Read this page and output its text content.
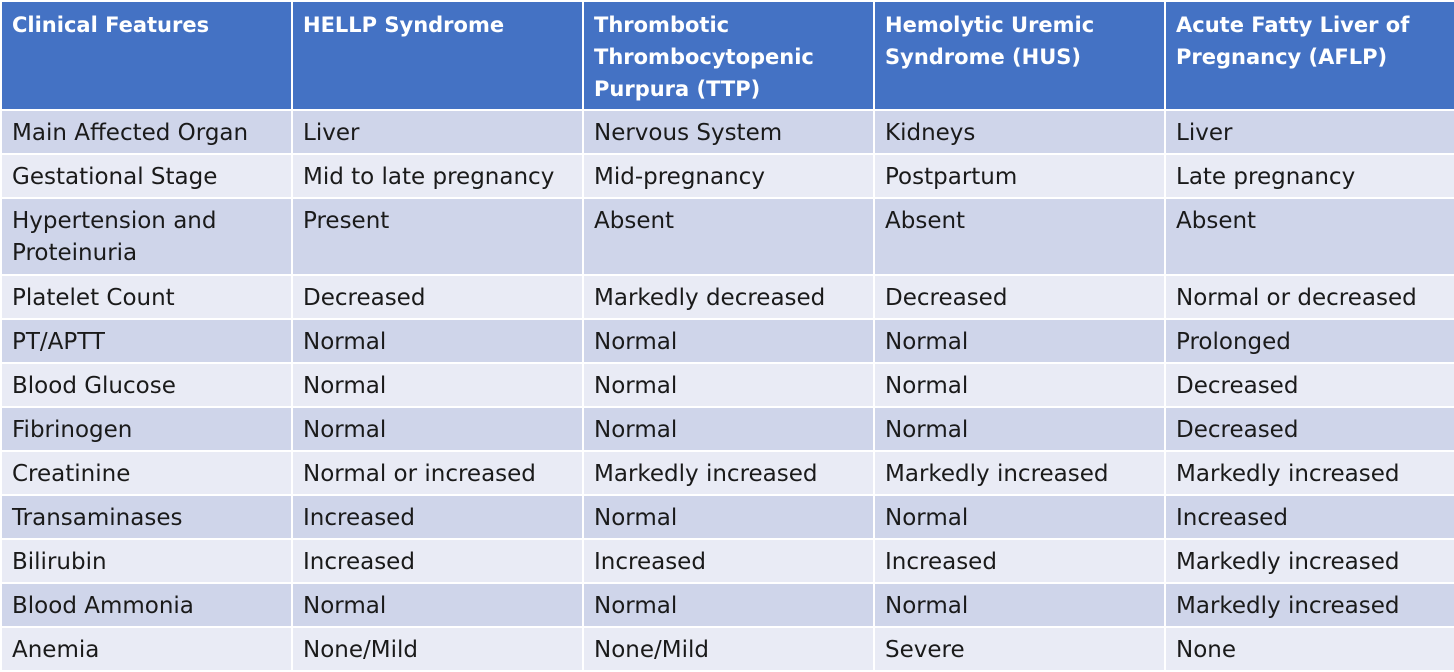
Clinical Features	HELLP Syndrome	Thrombotic Thrombocytopenic Purpura (TTP)	Hemolytic Uremic Syndrome (HUS)	Acute Fatty Liver of Pregnancy (AFLP)
Main Affected Organ	Liver	Nervous System	Kidneys	Liver
Gestational Stage	Mid to late pregnancy	Mid-pregnancy	Postpartum	Late pregnancy
Hypertension and Proteinuria	Present	Absent	Absent	Absent
Platelet Count	Decreased	Markedly decreased	Decreased	Normal or decreased
PT/APTT	Normal	Normal	Normal	Prolonged
Blood Glucose	Normal	Normal	Normal	Decreased
Fibrinogen	Normal	Normal	Normal	Decreased
Creatinine	Normal or increased	Markedly increased	Markedly increased	Markedly increased
Transaminases	Increased	Normal	Normal	Increased
Bilirubin	Increased	Increased	Increased	Markedly increased
Blood Ammonia	Normal	Normal	Normal	Markedly increased
Anemia	None/Mild	None/Mild	Severe	None
